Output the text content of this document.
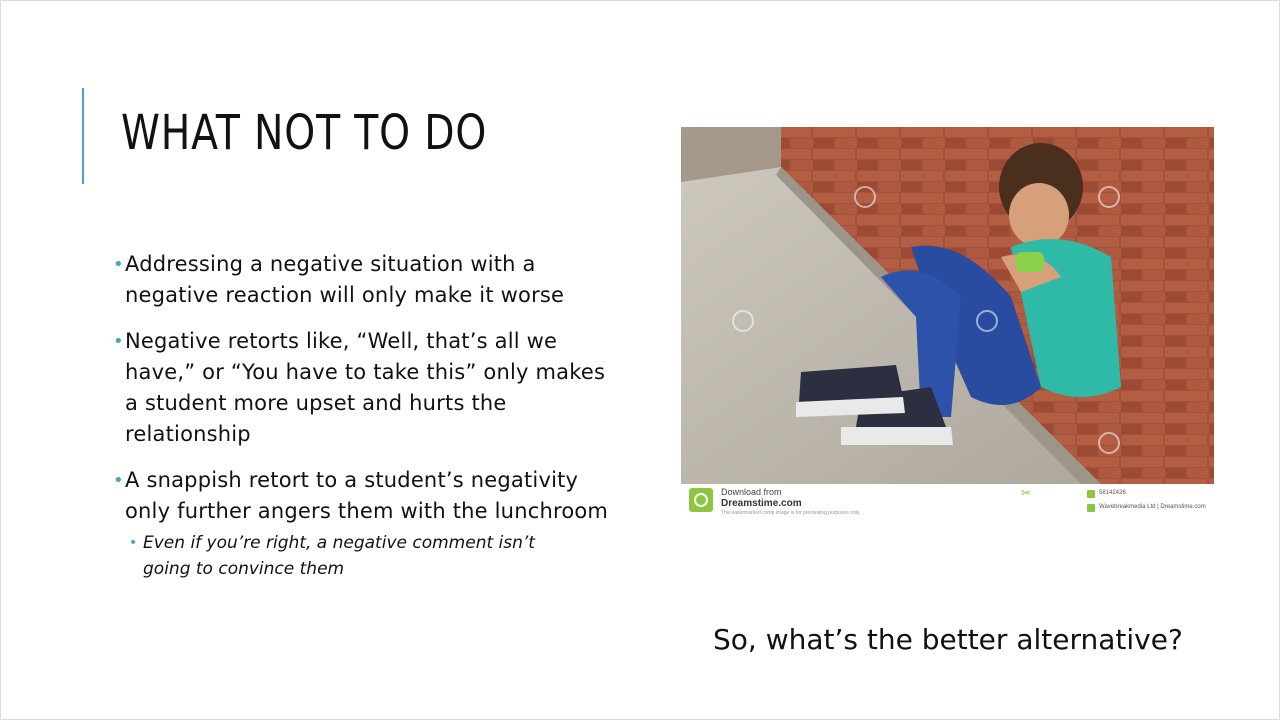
WHAT NOT TO DO
• Addressing a negative situation with a negative reaction will only make it worse
• Negative retorts like, “Well, that’s all we have,” or “You have to take this” only makes a student more upset and hurts the relationship
• A snappish retort to a student’s negativity only further angers them with the lunchroom
• Even if you’re right, a negative comment isn’t going to convince them
Download from
Dreamstime.com
This watermarked comp image is for previewing purposes only.
✂	58142426
Wavebreakmedia Ltd | Dreamstime.com

So, what’s the better alternative?
